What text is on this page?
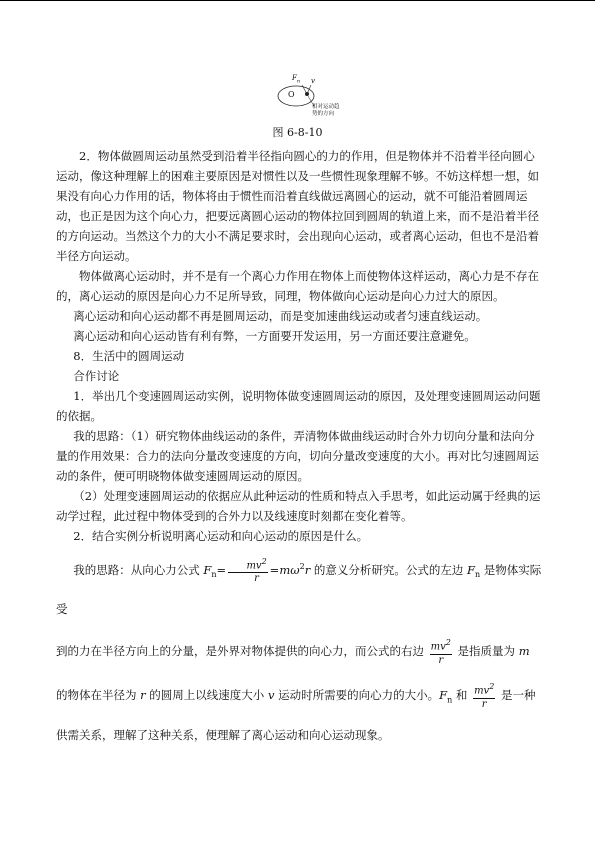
$F_n$ v
O
相对运动趋
势的方向
图 6-8-10

2．物体做圆周运动虽然受到沿着半径指向圆心的力的作用，但是物体并不沿着半径向圆心运动，像这种理解上的困难主要原因是对惯性以及一些惯性现象理解不够。不妨这样想一想，如果没有向心力作用的话，物体将由于惯性而沿着直线做远离圆心的运动，就不可能沿着圆周运动，也正是因为这个向心力，把要远离圆心运动的物体拉回到圆周的轨道上来，而不是沿着半径的方向运动。当然这个力的大小不满足要求时，会出现向心运动，或者离心运动，但也不是沿着半径方向运动。

物体做离心运动时，并不是有一个离心力作用在物体上而使物体这样运动，离心力是不存在的，离心运动的原因是向心力不足所导致，同理，物体做向心运动是向心力过大的原因。

离心运动和向心运动都不再是圆周运动，而是变加速曲线运动或者匀速直线运动。

离心运动和向心运动皆有利有弊，一方面要开发运用，另一方面还要注意避免。

8．生活中的圆周运动

合作讨论

1．举出几个变速圆周运动实例，说明物体做变速圆周运动的原因，及处理变速圆周运动问题的依据。

我的思路：（1）研究物体曲线运动的条件，弄清物体做曲线运动时合外力切向分量和法向分量的作用效果：合力的法向分量改变速度的方向，切向分量改变速度的大小。再对比匀速圆周运动的条件，便可明晓物体做变速圆周运动的原因。

（2）处理变速圆周运动的依据应从此种运动的性质和特点入手思考，如此运动属于经典的运动学过程，此过程中物体受到的合外力以及线速度时刻都在变化着等。

2．结合实例分析说明离心运动和向心运动的原因是什么。

我的思路：从向心力公式 $F_n= \frac{mv^2}{r} =m\omega^2r$ 的意义分析研究。公式的左边 $F_n$ 是物体实际受

到的力在半径方向上的分量，是外界对物体提供的向心力，而公式的右边 $\frac{mv^2}{r}$ 是指质量为 m

的物体在半径为 r 的圆周上以线速度大小 v 运动时所需要的向心力的大小。$F_n$ 和 $\frac{mv^2}{r}$ 是一种

供需关系，理解了这种关系，便理解了离心运动和向心运动现象。
